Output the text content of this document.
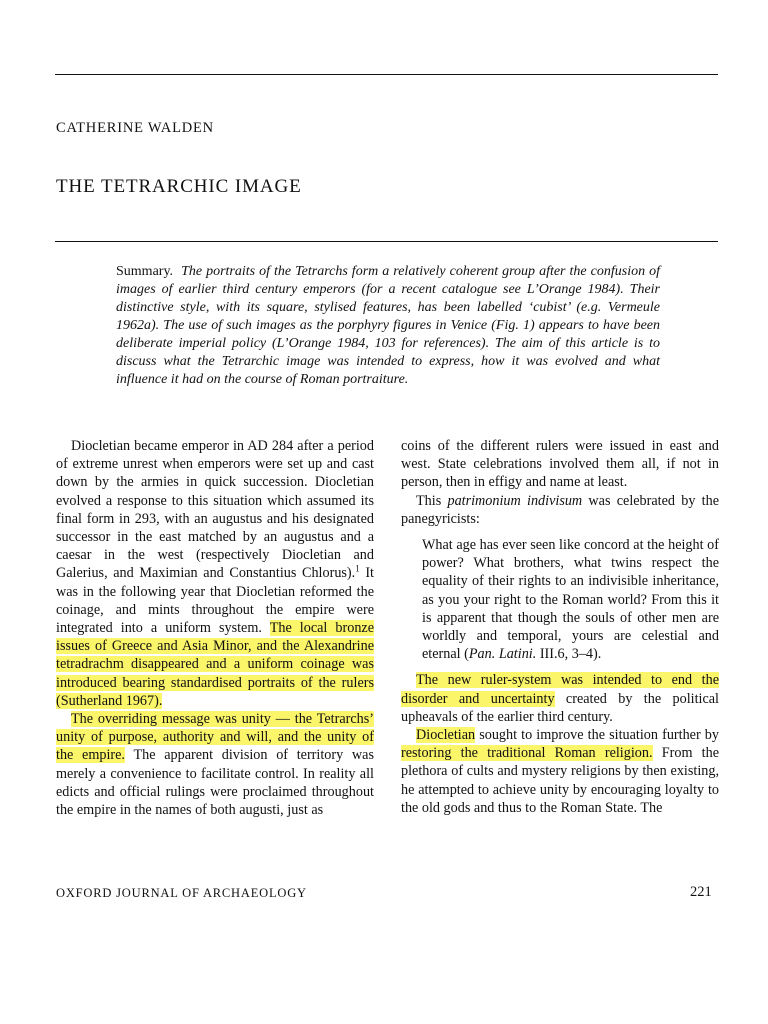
CATHERINE WALDEN
THE TETRARCHIC IMAGE

Summary. The portraits of the Tetrarchs form a relatively coherent group after the confusion of images of earlier third century emperors (for a recent catalogue see L’Orange 1984). Their distinctive style, with its square, stylised features, has been labelled ‘cubist’ (e.g. Vermeule 1962a). The use of such images as the porphyry figures in Venice (Fig. 1) appears to have been deliberate imperial policy (L’Orange 1984, 103 for references). The aim of this article is to discuss what the Tetrarchic image was intended to express, how it was evolved and what influence it had on the course of Roman portraiture.

Diocletian became emperor in AD 284 after a period of extreme unrest when emperors were set up and cast down by the armies in quick succession. Diocletian evolved a response to this situation which assumed its final form in 293, with an augustus and his designated successor in the east matched by an augustus and a caesar in the west (respectively Diocletian and Galerius, and Maximian and Constantius Chlorus).$^1$ It was in the following year that Diocletian reformed the coinage, and mints throughout the empire were integrated into a uniform system. The local bronze issues of Greece and Asia Minor, and the Alexandrine tetradrachm disappeared and a uniform coinage was introduced bearing standardised portraits of the rulers (Sutherland 1967).

The overriding message was unity — the Tetrarchs’ unity of purpose, authority and will, and the unity of the empire. The apparent division of territory was merely a convenience to facilitate control. In reality all edicts and official rulings were proclaimed throughout the empire in the names of both augusti, just as

coins of the different rulers were issued in east and west. State celebrations involved them all, if not in person, then in effigy and name at least.

This patrimonium indivisum was celebrated by the panegyricists:

What age has ever seen like concord at the height of power? What brothers, what twins respect the equality of their rights to an indivisible inheritance, as you your right to the Roman world? From this it is apparent that though the souls of other men are worldly and temporal, yours are celestial and eternal (Pan. Latini. III.6, 3–4).

The new ruler-system was intended to end the disorder and uncertainty created by the political upheavals of the earlier third century.

Diocletian sought to improve the situation further by restoring the traditional Roman religion. From the plethora of cults and mystery religions by then existing, he attempted to achieve unity by encouraging loyalty to the old gods and thus to the Roman State. The

OXFORD JOURNAL OF ARCHAEOLOGY	221
